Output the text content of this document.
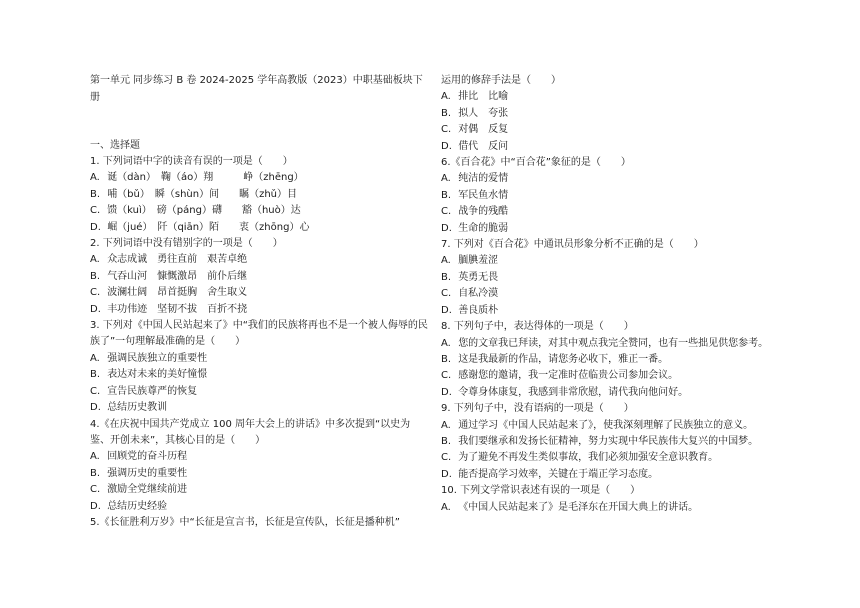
第一单元 同步练习 B 卷 2024-2025 学年高教版（2023）中职基础板块下册
一、选择题
1. 下列词语中字的读音有误的一项是（　　）
A. 诞（dàn）　鞠（áo）翔　　　峥（zhēng）
B. 哺（bǔ）　瞬（shùn）间　　瞩（zhǔ）目
C. 馈（kuì）　磅（páng）礴　　豁（huò）达
D. 崛（jué）　阡（qiān）陌　　衷（zhōng）心
2. 下列词语中没有错别字的一项是（　　）
A. 众志成诚　勇往直前　艰苦卓绝
B. 气吞山河　慷慨激昂　前仆后继
C. 波澜壮阔　昂首挺胸　舍生取义
D. 丰功伟迹　坚韧不拔　百折不挠
3. 下列对《中国人民站起来了》中“我们的民族将再也不是一个被人侮辱的民族了”一句理解最准确的是（　　）
A. 强调民族独立的重要性
B. 表达对未来的美好憧憬
C. 宣告民族尊严的恢复
D. 总结历史教训
4.《在庆祝中国共产党成立 100 周年大会上的讲话》中多次提到“以史为鉴、开创未来”，其核心目的是（　　）
A. 回顾党的奋斗历程
B. 强调历史的重要性
C. 激励全党继续前进
D. 总结历史经验
5.《长征胜利万岁》中“长征是宣言书，长征是宣传队，长征是播种机”
运用的修辞手法是（　　）
A. 排比　比喻
B. 拟人　夸张
C. 对偶　反复
D. 借代　反问
6.《百合花》中“百合花”象征的是（　　）
A. 纯洁的爱情
B. 军民鱼水情
C. 战争的残酷
D. 生命的脆弱
7. 下列对《百合花》中通讯员形象分析不正确的是（　　）
A. 腼腆羞涩
B. 英勇无畏
C. 自私冷漠
D. 善良质朴
8. 下列句子中，表达得体的一项是（　　）
A. 您的文章我已拜读，对其中观点我完全赞同，也有一些拙见供您参考。
B. 这是我最新的作品，请您务必收下，雅正一番。
C. 感谢您的邀请，我一定准时莅临贵公司参加会议。
D. 令尊身体康复，我感到非常欣慰，请代我向他问好。
9. 下列句子中，没有语病的一项是（　　）
A. 通过学习《中国人民站起来了》，使我深刻理解了民族独立的意义。
B. 我们要继承和发扬长征精神，努力实现中华民族伟大复兴的中国梦。
C. 为了避免不再发生类似事故，我们必须加强安全意识教育。
D. 能否提高学习效率，关键在于端正学习态度。
10. 下列文学常识表述有误的一项是（　　）
A. 《中国人民站起来了》是毛泽东在开国大典上的讲话。
